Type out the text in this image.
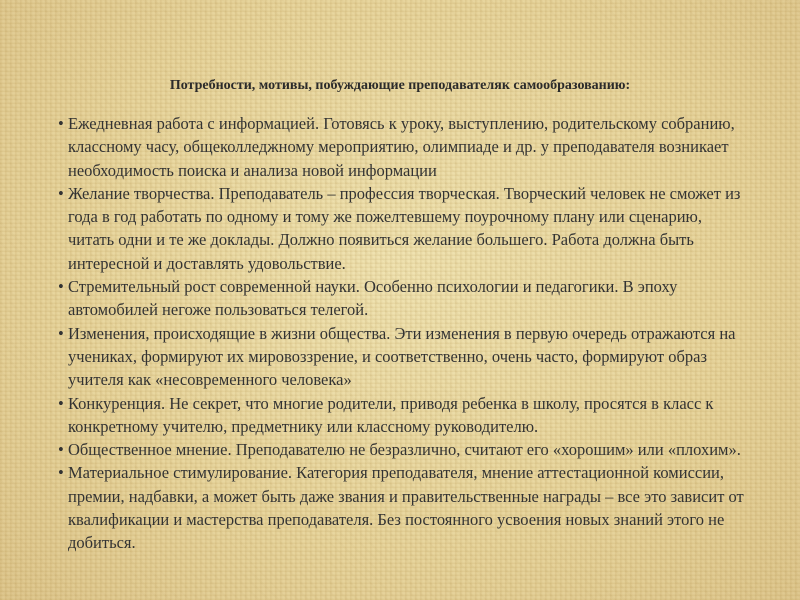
Потребности, мотивы, побуждающие преподавателяк самообразованию:
• Ежедневная работа с информацией. Готовясь к уроку, выступлению, родительскому собранию, классному часу, общеколледжному мероприятию, олимпиаде и др. у преподавателя возникает необходимость поиска и анализа новой информации
• Желание творчества. Преподаватель – профессия творческая. Творческий человек не сможет из года в год работать по одному и тому же пожелтевшему поурочному плану или сценарию, читать одни и те же доклады. Должно появиться желание большего. Работа должна быть интересной и доставлять удовольствие.
• Стремительный рост современной науки. Особенно психологии и педагогики. В эпоху автомобилей негоже пользоваться телегой.
• Изменения, происходящие в жизни общества. Эти изменения в первую очередь отражаются на учениках, формируют их мировоззрение, и соответственно, очень часто, формируют образ учителя как «несовременного человека»
• Конкуренция. Не секрет, что многие родители, приводя ребенка в школу, просятся в класс к конкретному учителю, предметнику или классному руководителю.
• Общественное мнение. Преподавателю не безразлично, считают его «хорошим» или «плохим».
• Материальное стимулирование. Категория преподавателя, мнение аттестационной комиссии, премии, надбавки, а может быть даже звания и правительственные награды – все это зависит от квалификации и мастерства преподавателя. Без постоянного усвоения новых знаний этого не добиться.
